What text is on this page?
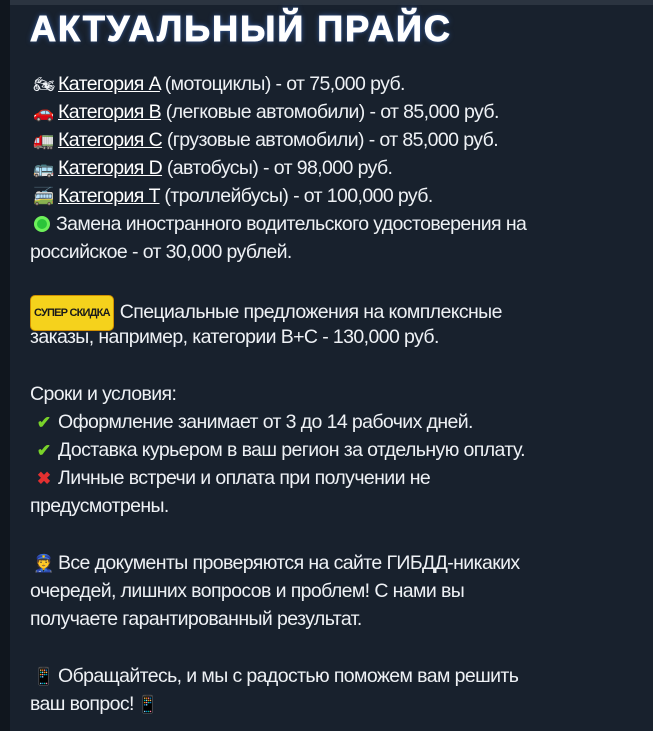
АКТУАЛЬНЫЙ ПРАЙС
🏍 Категория A (мотоциклы) - от 75,000 руб.
🚗 Категория B (легковые автомобили) - от 85,000 руб.
🚛 Категория C (грузовые автомобили) - от 85,000 руб.
🚌 Категория D (автобусы) - от 98,000 руб.
🚎 Категория T (троллейбусы) - от 100,000 руб.
Замена иностранного водительского удостоверения на
российское - от 30,000 рублей.
СУПЕР СКИДКА Специальные предложения на комплексные
заказы, например, категории B+C - 130,000 руб.
Сроки и условия:
✔ Оформление занимает от 3 до 14 рабочих дней.
✔ Доставка курьером в ваш регион за отдельную оплату.
✖ Личные встречи и оплата при получении не
предусмотрены.
👮 Все документы проверяются на сайте ГИБДД-никаких
очередей, лишних вопросов и проблем! С нами вы
получаете гарантированный результат.
📱 Обращайтесь, и мы с радостью поможем вам решить
ваш вопрос! 📱
